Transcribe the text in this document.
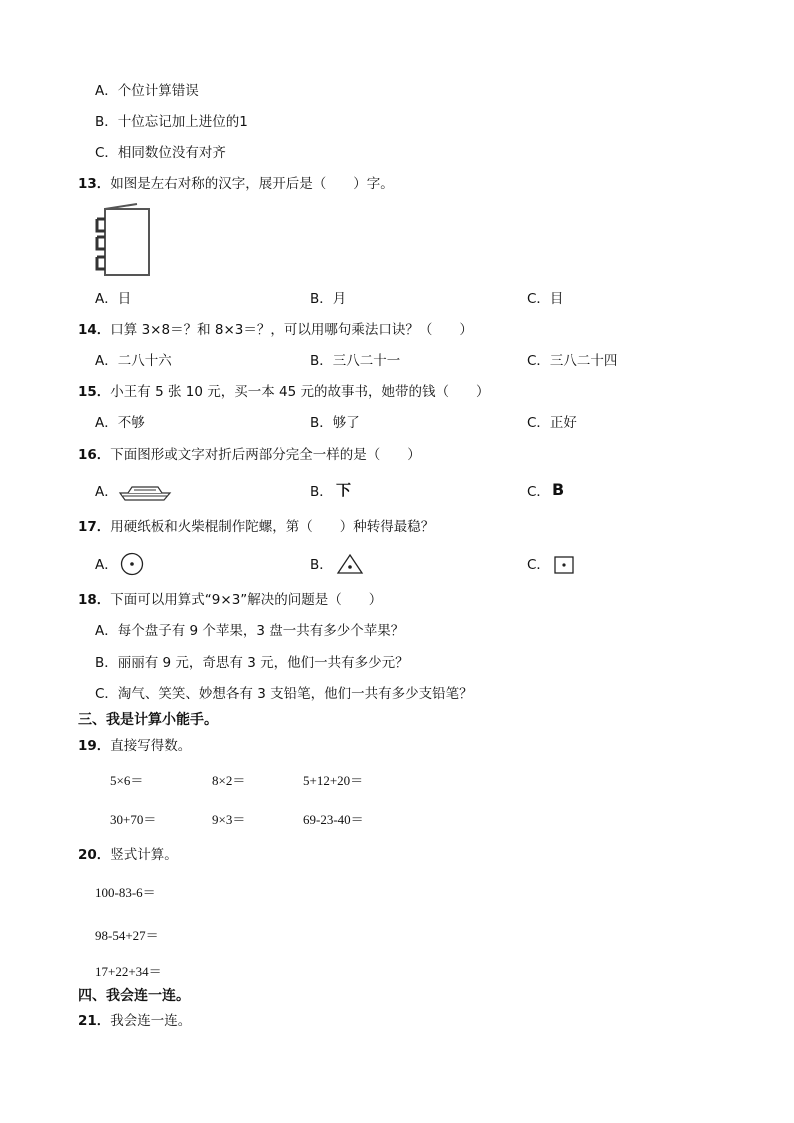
A．个位计算错误
B．十位忘记加上进位的1
C．相同数位没有对齐
13．如图是左右对称的汉字，展开后是（　　）字。
A．日	B．月	C．目
14．口算 3×8＝？和 8×3＝？，可以用哪句乘法口诀？（　　）
A．二八十六	B．三八二十一	C．三八二十四
15．小王有 5 张 10 元，买一本 45 元的故事书，她带的钱（　　）
A．不够	B．够了	C．正好
16．下面图形或文字对折后两部分完全一样的是（　　）
A．	B． 下	C． B
17．用硬纸板和火柴棍制作陀螺，第（　　）种转得最稳？
A．	B．	C．
18．下面可以用算式“9×3”解决的问题是（　　）
A．每个盘子有 9 个苹果，3 盘一共有多少个苹果？
B．丽丽有 9 元，奇思有 3 元，他们一共有多少元？
C．淘气、笑笑、妙想各有 3 支铅笔，他们一共有多少支铅笔？
三、我是计算小能手。
19．直接写得数。
5×6＝	8×2＝	5+12+20＝
30+70＝	9×3＝	69-23-40＝
20．竖式计算。
100-83-6＝
98-54+27＝
17+22+34＝
四、我会连一连。
21．我会连一连。
